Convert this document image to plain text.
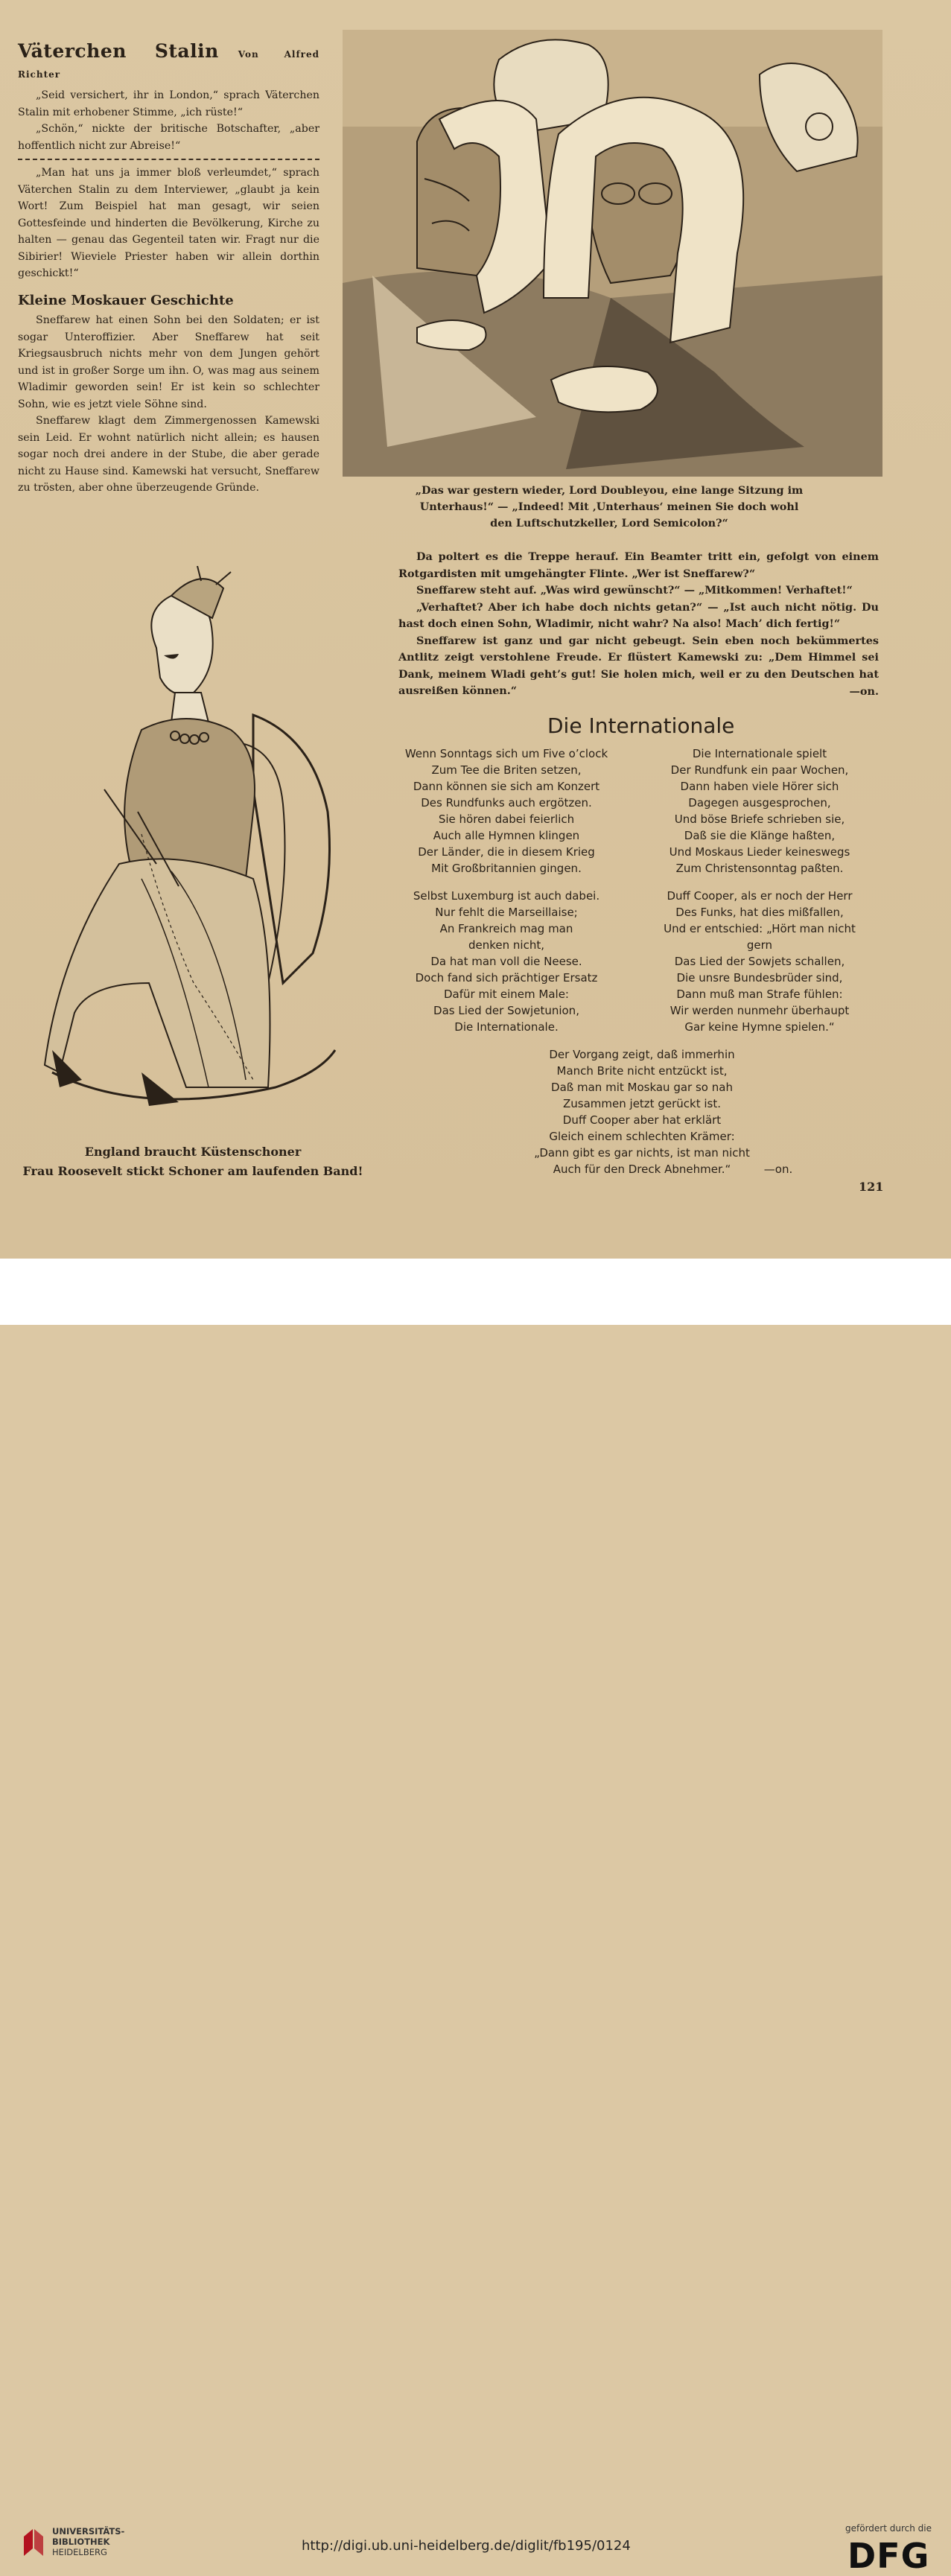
Väterchen Stalin Von Alfred Richter

„Seid versichert, ihr in London,“ sprach Väterchen Stalin mit erhobener Stimme, „ich rüste!“

„Schön,“ nickte der britische Botschafter, „aber hoffentlich nicht zur Abreise!“

„Man hat uns ja immer bloß verleumdet,“ sprach Väterchen Stalin zu dem Interviewer, „glaubt ja kein Wort! Zum Beispiel hat man gesagt, wir seien Gottesfeinde und hinderten die Bevölkerung, Kirche zu halten — genau das Gegenteil taten wir. Fragt nur die Sibirier! Wieviele Priester haben wir allein dorthin geschickt!“

Kleine Moskauer Geschichte

Sneffarew hat einen Sohn bei den Soldaten; er ist sogar Unteroffizier. Aber Sneffarew hat seit Kriegsausbruch nichts mehr von dem Jungen gehört und ist in großer Sorge um ihn. O, was mag aus seinem Wladimir geworden sein! Er ist kein so schlechter Sohn, wie es jetzt viele Söhne sind.

Sneffarew klagt dem Zimmergenossen Kamewski sein Leid. Er wohnt natürlich nicht allein; es hausen sogar noch drei andere in der Stube, die aber gerade nicht zu Hause sind. Kamewski hat versucht, Sneffarew zu trösten, aber ohne überzeugende Gründe.	„Das war gestern wieder, Lord Doubleyou, eine lange Sitzung im
Unterhaus!“ — „Indeed! Mit ‚Unterhaus‘ meinen Sie doch wohl
den Luftschutzkeller, Lord Semicolon?“

Da poltert es die Treppe herauf. Ein Beamter tritt ein, gefolgt von einem Rotgardisten mit umgehängter Flinte. „Wer ist Sneffarew?“

Sneffarew steht auf. „Was wird gewünscht?“ — „Mitkommen! Verhaftet!“

„Verhaftet? Aber ich habe doch nichts getan?“ — „Ist auch nicht nötig. Du hast doch einen Sohn, Wladimir, nicht wahr? Na also! Mach’ dich fertig!“

Sneffarew ist ganz und gar nicht gebeugt. Sein eben noch bekümmertes Antlitz zeigt verstohlene Freude. Er flüstert Kamewski zu: „Dem Himmel sei Dank, meinem Wladi geht’s gut! Sie holen mich, weil er zu den Deutschen hat ausreißen können.“	—on.
England braucht Küstenschoner
Frau Roosevelt stickt Schoner am laufenden Band!
Die Internationale
Wenn Sonntags sich um Five o’clock
Zum Tee die Briten setzen,
Dann können sie sich am Konzert
Des Rundfunks auch ergötzen.
Sie hören dabei feierlich
Auch alle Hymnen klingen
Der Länder, die in diesem Krieg
Mit Großbritannien gingen.
Die Internationale spielt
Der Rundfunk ein paar Wochen,
Dann haben viele Hörer sich
Dagegen ausgesprochen,
Und böse Briefe schrieben sie,
Daß sie die Klänge haßten,
Und Moskaus Lieder keineswegs
Zum Christensonntag paßten.
Selbst Luxemburg ist auch dabei.
Nur fehlt die Marseillaise;
An Frankreich mag man
denken nicht,
Da hat man voll die Neese.
Doch fand sich prächtiger Ersatz
Dafür mit einem Male:
Das Lied der Sowjetunion,
Die Internationale.
Duff Cooper, als er noch der Herr
Des Funks, hat dies mißfallen,
Und er entschied: „Hört man nicht
gern
Das Lied der Sowjets schallen,
Die unsre Bundesbrüder sind,
Dann muß man Strafe fühlen:
Wir werden nunmehr überhaupt
Gar keine Hymne spielen.“
Der Vorgang zeigt, daß immerhin
Manch Brite nicht entzückt ist,
Daß man mit Moskau gar so nah
Zusammen jetzt gerückt ist.
Duff Cooper aber hat erklärt
Gleich einem schlechten Krämer:
„Dann gibt es gar nichts, ist man nicht
Auch für den Dreck Abnehmer.“	—on.
121
UNIVERSITÄTS-
BIBLIOTHEK
HEIDELBERG	http://digi.ub.uni-heidelberg.de/diglit/fb195/0124
gefördert durch die
DFG
